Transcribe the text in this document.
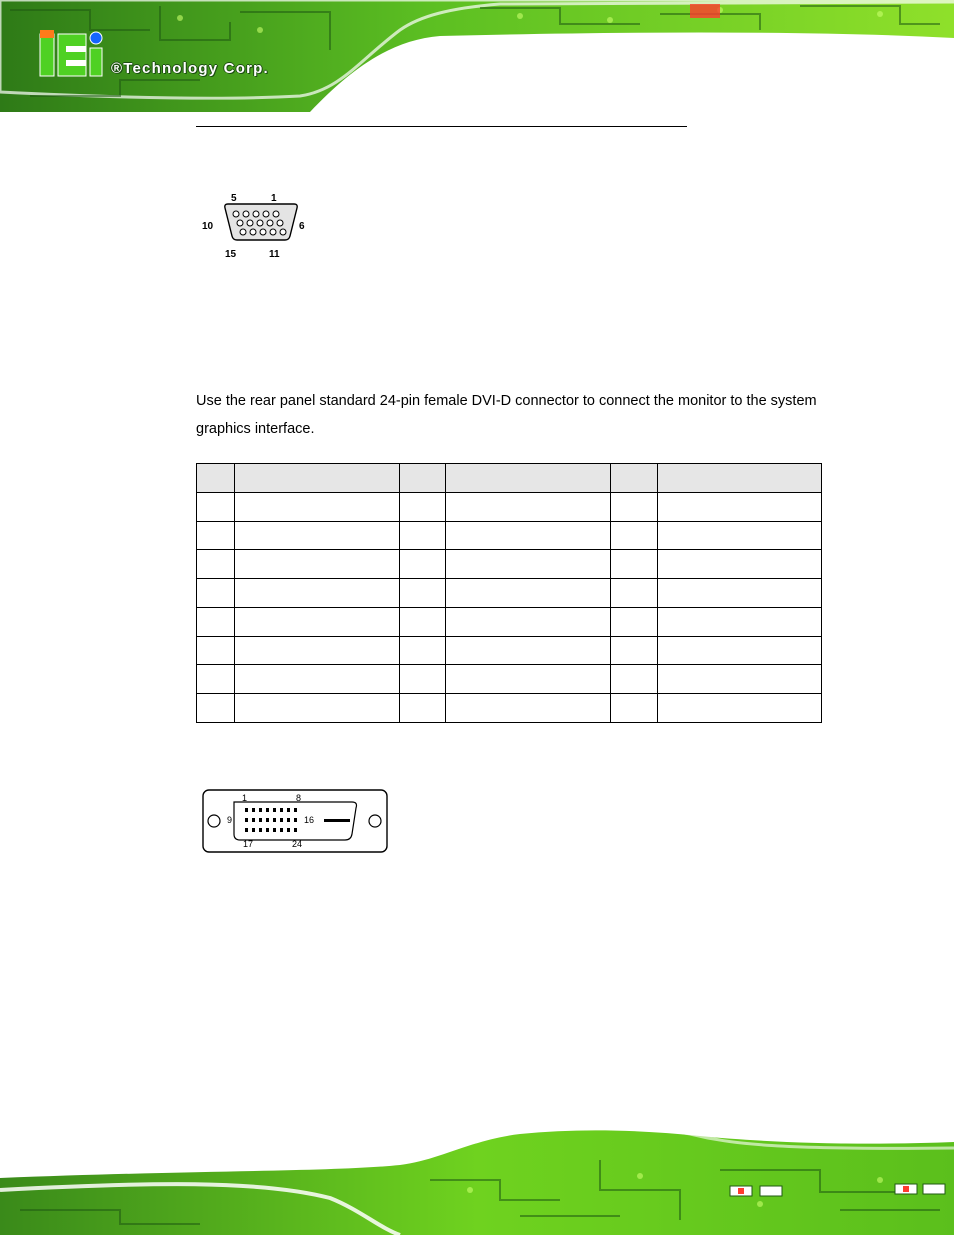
®Technology Corp.
5	1
10	6
15	11
Use the rear panel standard 24-pin female DVI-D connector to connect the monitor to the system graphics interface.

1	8
9	16
17	24
